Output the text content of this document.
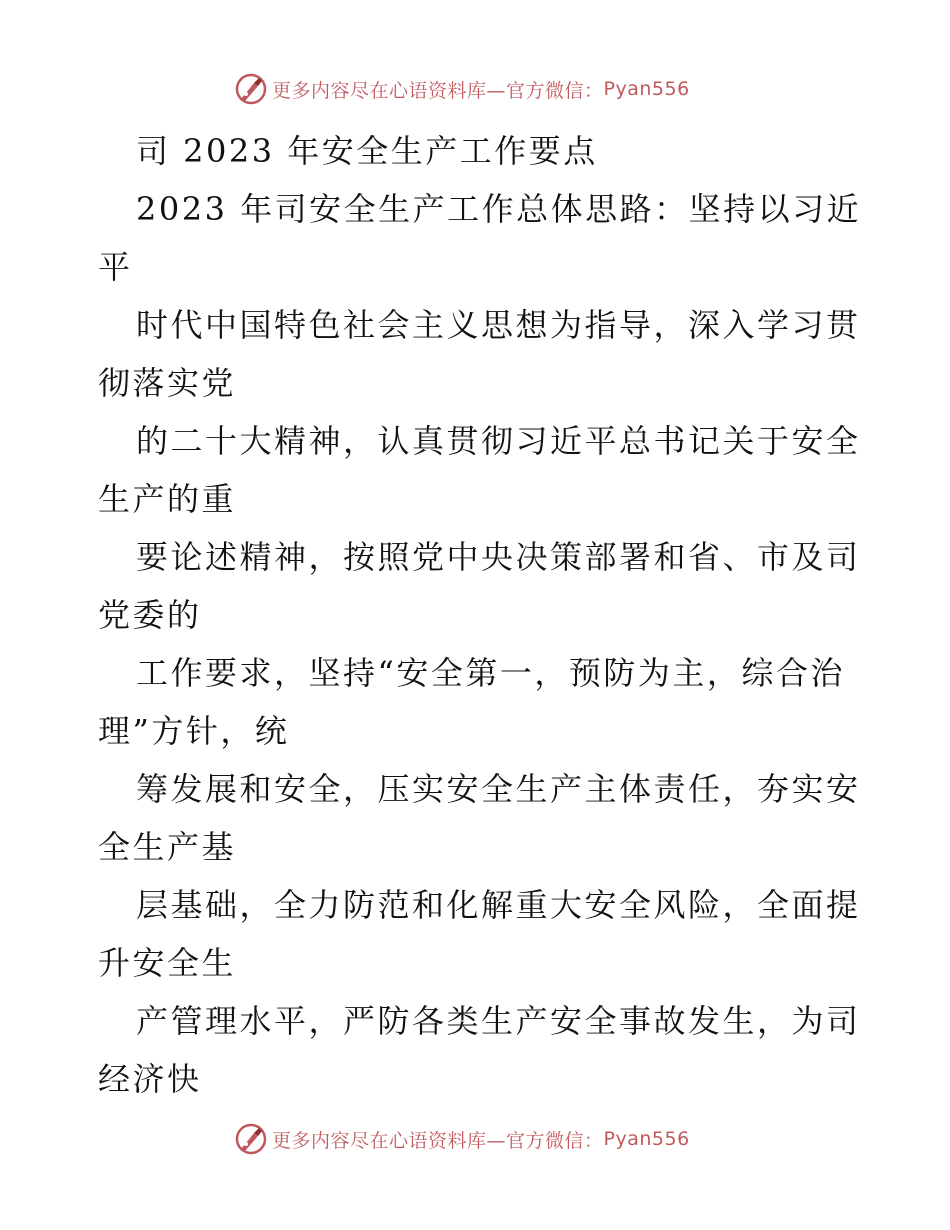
更多内容尽在心语资料库—官方微信： Pyan556
司 2023 年安全生产工作要点
2023 年司安全生产工作总体思路：坚持以习近
平
时代中国特色社会主义思想为指导，深入学习贯
彻落实党
的二十大精神，认真贯彻习近平总书记关于安全
生产的重
要论述精神，按照党中央决策部署和省、市及司
党委的
工作要求，坚持“安全第一，预防为主，综合治
理”方针，统
筹发展和安全，压实安全生产主体责任，夯实安
全生产基
层基础，全力防范和化解重大安全风险，全面提
升安全生
产管理水平，严防各类生产安全事故发生，为司
经济快
更多内容尽在心语资料库—官方微信： Pyan556
